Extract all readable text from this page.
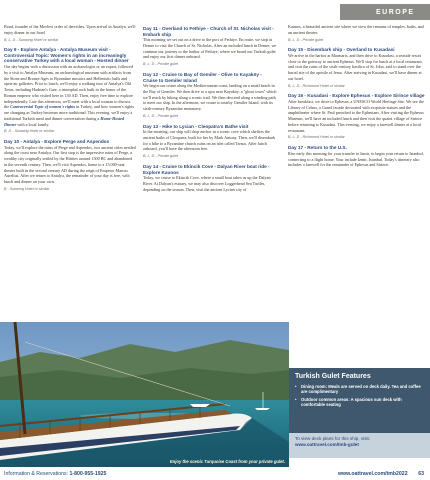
EUROPE

Bond, founder of the Mevlevi order of dervishes. Upon arrival in Antalya, we'll enjoy dinner in our hotel

B, L, D - Sunwing Hotel or similar
Day 9 - Explore Antalya - Antalya Museum visit - Controversial Topic: Women's rights in an increasingly conservative Turkey with a local woman - Hosted dinner

Our day begins with a discussion with an archaeologist or an expert, followed by a visit to Antalya Museum, an archaeological museum with artifacts from the Stone and Bronze Ages to Byzantine mosaics and Hellenistic halls and open-air galleries. Prior to lunch, we'll enjoy a walking tour of Antalya's Old Town, including Hadrian's Gate, a triumphal arch built in the honor of the Roman emperor who visited here in 130 AD. Then, enjoy free time to explore independently. Late this afternoon, we'll meet with a local woman to discuss the Controversial Topic of women's rights in Turkey, and how women's rights are changing as Turkey becomes more traditional. This evening, we'll enjoy a traditional Turkish meal and dinner conversation during a Home-Hosted Dinner with a local family.

B, D - Sunwing Hotel or similar
Day 10 - Antalya - Explore Perge and Aspendos

Today, we'll explore the ruins of Perge and Aspendos, two ancient cities nestled along the coast near Antalya. Our first stop is the impressive ruins of Perge, a wealthy city originally settled by the Hittites around 1500 BC and abandoned in the seventh century. Then, we'll visit Aspendos, home to a 15,000-seat theater built in the second century AD during the reign of Emperor Marcus Aurelius. After we return to Antalya, the remainder of your day is free, with lunch and dinner on your own.

B - Sunwing Hotel or similar
Day 11 - Overland to Fethiye - Church of St. Nicholas visit - Embark ship

This morning we set out on a drive to the port of Fethiye. En route, we stop at Demre to visit the Church of St. Nicholas. After an included lunch in Demre, we continue our journey to the harbor of Fethiye, where we board our Turkish gulet and enjoy our first dinner onboard.

B, L, D - Private gulet
Day 12 - Cruise to Bay of Gemiler - Olive to Kayaköy - Cruise to Gemiler Island

We begin our cruise along the Mediterranean coast, landing on a small beach in the Bay of Gemiler. We then drive to a spot near Kayaköy, a "ghost town" which we'll reach by hiking along a scenic trail. We then descend along a winding path to meet our ship. In the afternoon, we cruise to nearby Gemiler Island, with its sixth-century Byzantine monastery.

B, L, D - Private gulet
Day 13 - Hike to Lycian - Cleopatra's Bathe visit

In the morning, our ship will drop anchor in a scenic cove which shelters the ancient baths of Cleopatra, built for her by Mark Antony. Then, we'll disembark for a hike to a Byzantine church ruins on an islet called Tarsus. After lunch onboard, you'll have the afternoon free.

B, L, D - Private gulet
Day 14 - Cruise to Ekincik Cove - Dalyan River boat ride - Explore Kaunos

Today, we cruise to Ekincik Cove, where a small boat takes us up the Dalyan River. At Dalyan's estuary, we may also discover Loggerhead Sea Turtles, depending on the season. Then, visit the ancient Lycian city of

Kaunos, a beautiful ancient site where we view the remains of temples, baths, and an ancient theater.

B, L, D - Private gulet
Day 15 - Disembark ship - Overland to Kusadasi

We arrive in the harbor at Marmaris, and then drive to Kusadasi, a seaside resort close to the gateway to ancient Ephesus. We'll stop for lunch at a local restaurant, and visit the ruins of the sixth-century basilica of St. John, said to stand over the burial site of the apostle of Jesus. After arriving in Kusadasi, we'll have dinner at our hotel.

B, L, D - Richmond Hotel or similar
Day 16 - Kusadasi - Explore Ephesus - Explore Sirince village

After breakfast, we drive to Ephesus, a UNESCO World Heritage Site. We see the Library of Celsus, a Grand facade decorated with exquisite statues and the amphitheater where St. Paul preached to the Ephesians. After visiting the Ephesus Museum, we'll have an included lunch and then visit the quaint village of Sirince before returning to Kusadasi. This evening, we enjoy a farewell dinner at a local restaurant.

B, L, D - Richmond Hotel or similar
Day 17 - Return to the U.S.

Rise early this morning for your transfer to Izmir, to begin your return to Istanbul, connecting to a flight home. Your include Izmir, Istanbul. Today's itinerary also includes a farewell for the remainder of Ephesus and Sirince.

Enjoy the scenic Turquoise Coast from your private gulet.
Turkish Gulet Features
• Dining room: Meals are served on deck daily. Tea and coffee are complimentary
• Outdoor common areas: A spacious sun deck with comfortable seating
To view deck plans for this ship, visit:
www.oattravel.com/tmb-gulet
Information & Reservations: 1-800-955-1925	www.oattravel.com/tmb2022 63
